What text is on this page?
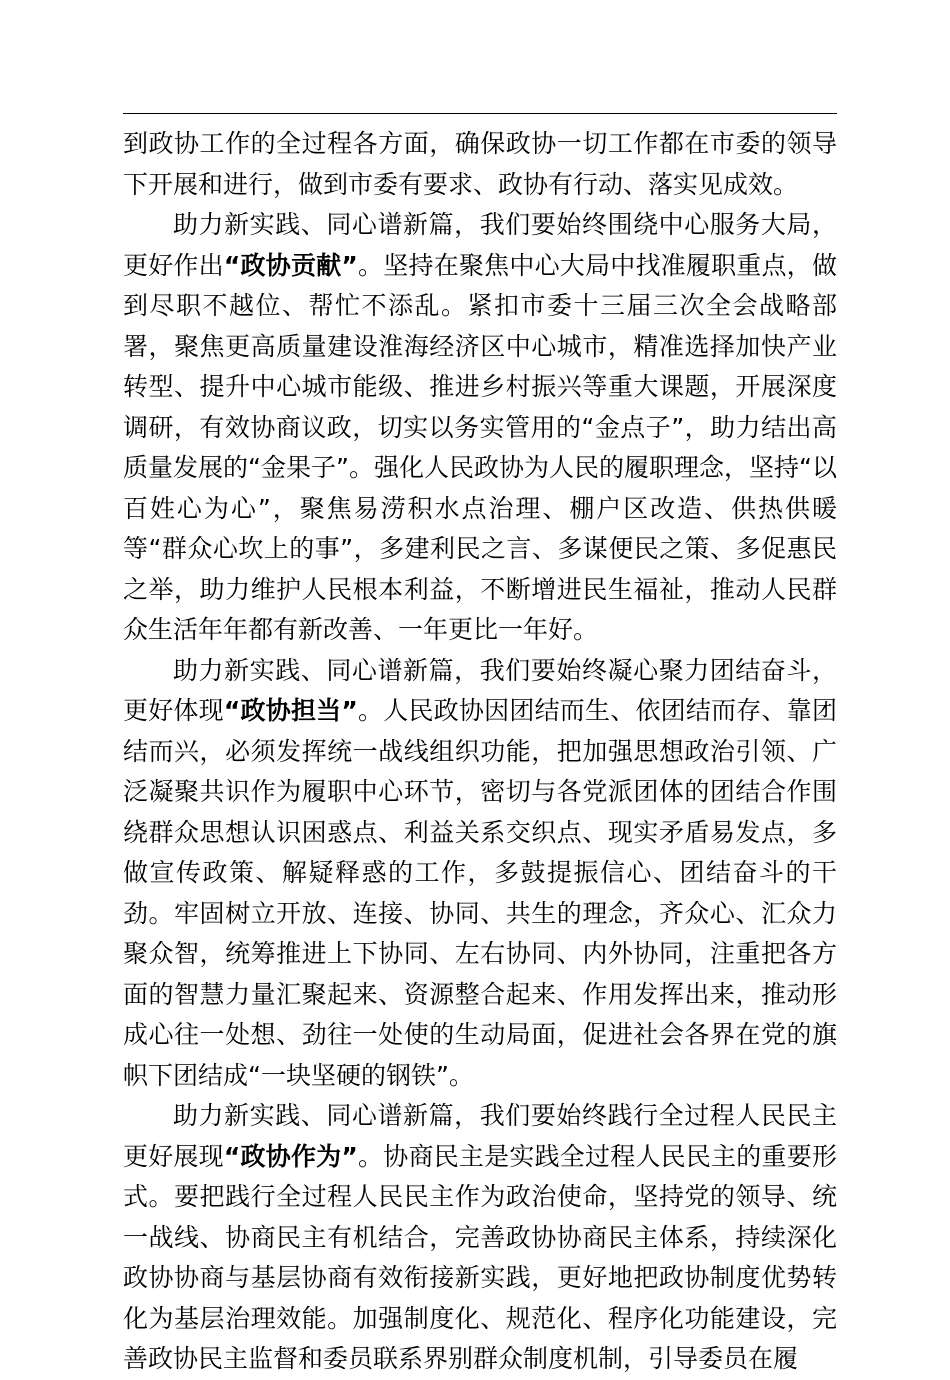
到政协工作的全过程各方面，确保政协一切工作都在市委的领导下开展和进行，做到市委有要求、政协有行动、落实见成效。

助力新实践、同心谱新篇，我们要始终围绕中心服务大局，更好作出“政协贡献”。坚持在聚焦中心大局中找准履职重点，做到尽职不越位、帮忙不添乱。紧扣市委十三届三次全会战略部署，聚焦更高质量建设淮海经济区中心城市，精准选择加快产业转型、提升中心城市能级、推进乡村振兴等重大课题，开展深度调研，有效协商议政，切实以务实管用的“金点子”，助力结出高质量发展的“金果子”。强化人民政协为人民的履职理念，坚持“以百姓心为心”，聚焦易涝积水点治理、棚户区改造、供热供暖等“群众心坎上的事”，多建利民之言、多谋便民之策、多促惠民之举，助力维护人民根本利益，不断增进民生福祉，推动人民群众生活年年都有新改善、一年更比一年好。

助力新实践、同心谱新篇，我们要始终凝心聚力团结奋斗，更好体现“政协担当”。人民政协因团结而生、依团结而存、靠团结而兴，必须发挥统一战线组织功能，把加强思想政治引领、广泛凝聚共识作为履职中心环节，密切与各党派团体的团结合作围绕群众思想认识困惑点、利益关系交织点、现实矛盾易发点，多做宣传政策、解疑释惑的工作，多鼓提振信心、团结奋斗的干劲。牢固树立开放、连接、协同、共生的理念，齐众心、汇众力聚众智，统筹推进上下协同、左右协同、内外协同，注重把各方面的智慧力量汇聚起来、资源整合起来、作用发挥出来，推动形成心往一处想、劲往一处使的生动局面，促进社会各界在党的旗帜下团结成“一块坚硬的钢铁”。

助力新实践、同心谱新篇，我们要始终践行全过程人民民主更好展现“政协作为”。协商民主是实践全过程人民民主的重要形式。要把践行全过程人民民主作为政治使命，坚持党的领导、统一战线、协商民主有机结合，完善政协协商民主体系，持续深化政协协商与基层协商有效衔接新实践，更好地把政协制度优势转化为基层治理效能。加强制度化、规范化、程序化功能建设，完善政协民主监督和委员联系界别群众制度机制，引导委员在履
